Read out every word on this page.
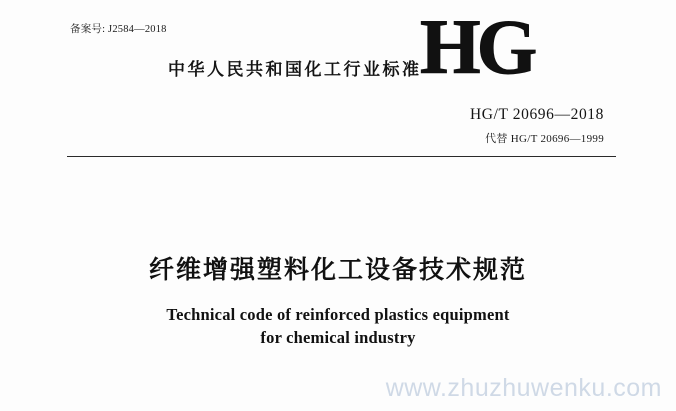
备案号: J2584—2018	HG
中华人民共和国化工行业标准
HG/T 20696—2018
代替 HG/T 20696—1999
纤维增强塑料化工设备技术规范
Technical code of reinforced plastics equipment
for chemical industry
www.zhuzhuwenku.com
